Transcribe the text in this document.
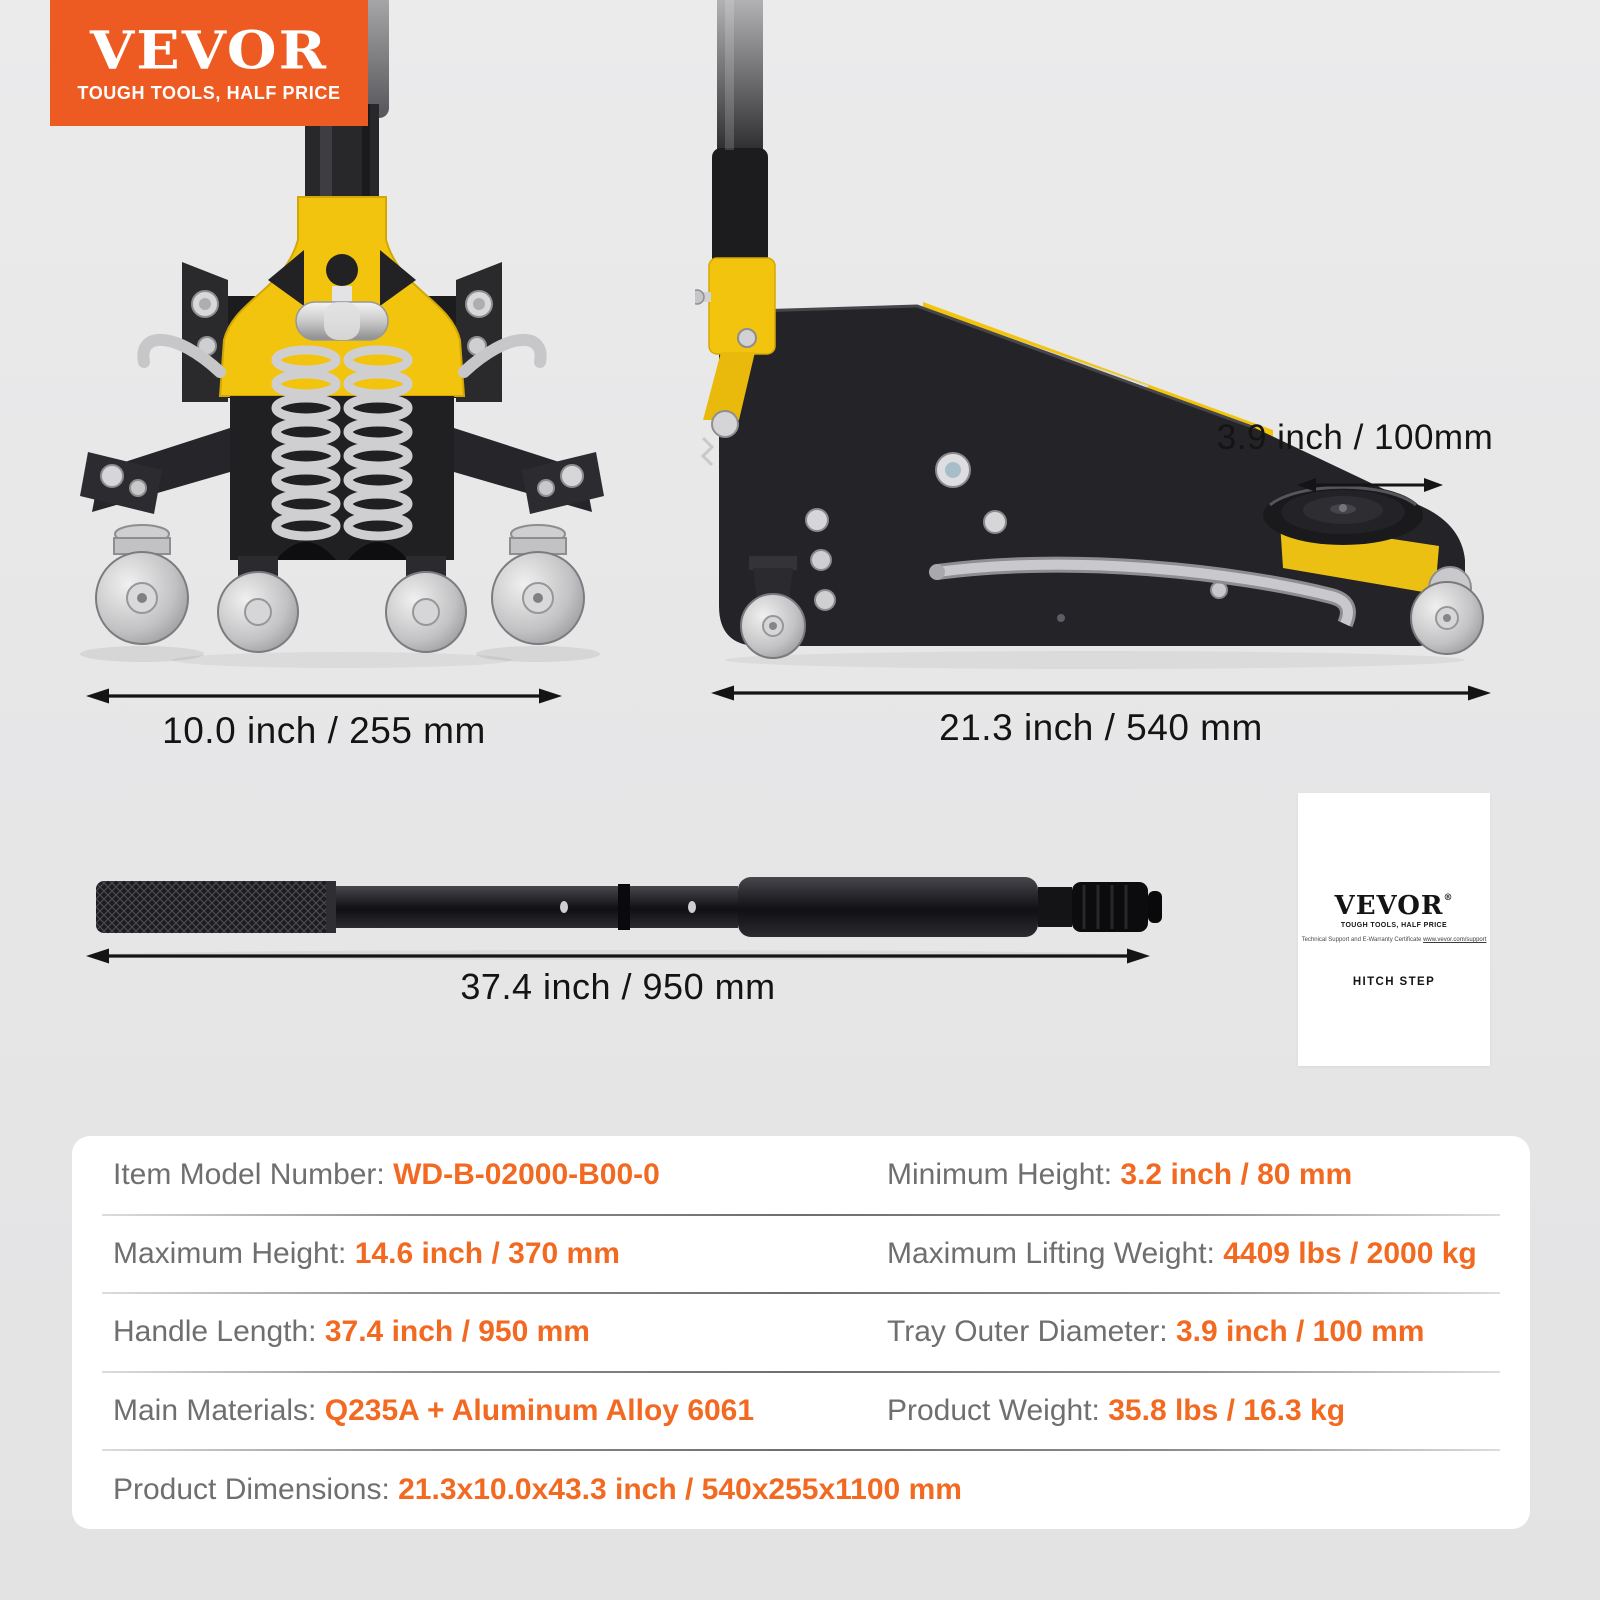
3.9 inch / 100mm
10.0 inch / 255 mm	21.3 inch / 540 mm
37.4 inch / 950 mm
VEVOR
TOUGH TOOLS, HALF PRICE
VEVOR®
TOUGH TOOLS, HALF PRICE
Technical Support and E-Warranty Certificate www.vevor.com/support
HITCH STEP
Item Model Number: WD-B-02000-B00-0	Minimum Height: 3.2 inch / 80 mm
Maximum Height: 14.6 inch / 370 mm	Maximum Lifting Weight: 4409 lbs / 2000 kg
Handle Length: 37.4 inch / 950 mm	Tray Outer Diameter: 3.9 inch / 100 mm
Main Materials: Q235A + Aluminum Alloy 6061	Product Weight: 35.8 lbs / 16.3 kg
Product Dimensions: 21.3x10.0x43.3 inch / 540x255x1100 mm
